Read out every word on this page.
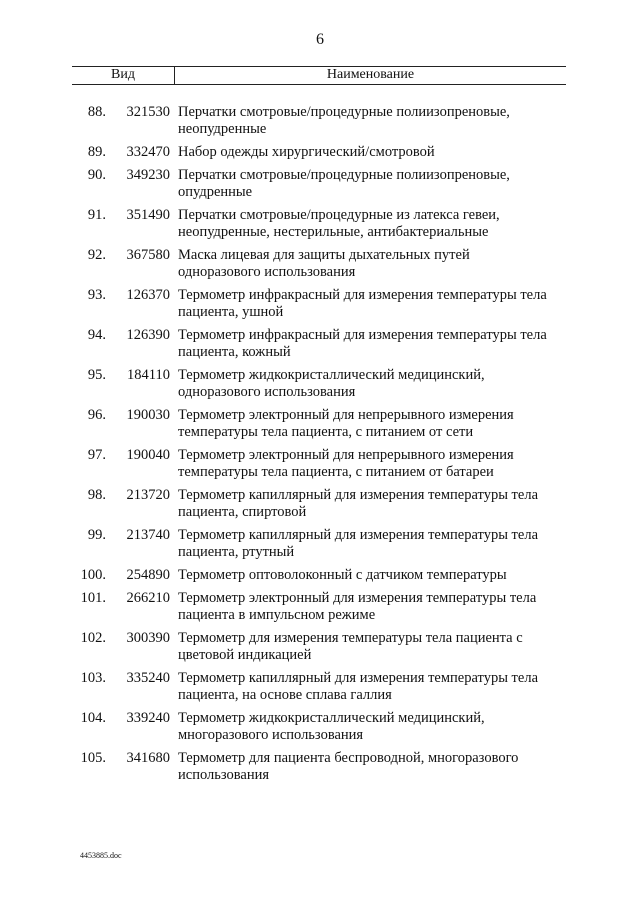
6
Вид	Наименование
88.	321530 Перчатки смотровые/процедурные полиизопреновые,
неопудренные
89.	332470 Набор одежды хирургический/смотровой
90.	349230 Перчатки смотровые/процедурные полиизопреновые,
опудренные
91.	351490 Перчатки смотровые/процедурные из латекса гевеи,
неопудренные, нестерильные, антибактериальные
92.	367580 Маска лицевая для защиты дыхательных путей
одноразового использования
93.	126370 Термометр инфракрасный для измерения температуры тела
пациента, ушной
94.	126390 Термометр инфракрасный для измерения температуры тела
пациента, кожный
95.	184110 Термометр жидкокристаллический медицинский,
одноразового использования
96.	190030 Термометр электронный для непрерывного измерения
температуры тела пациента, с питанием от сети
97.	190040 Термометр электронный для непрерывного измерения
температуры тела пациента, с питанием от батареи
98.	213720 Термометр капиллярный для измерения температуры тела
пациента, спиртовой
99.	213740 Термометр капиллярный для измерения температуры тела
пациента, ртутный
100.	254890 Термометр оптоволоконный с датчиком температуры
101.	266210 Термометр электронный для измерения температуры тела
пациента в импульсном режиме
102.	300390 Термометр для измерения температуры тела пациента с
цветовой индикацией
103.	335240 Термометр капиллярный для измерения температуры тела
пациента, на основе сплава галлия
104.	339240 Термометр жидкокристаллический медицинский,
многоразового использования
105.	341680 Термометр для пациента беспроводной, многоразового
использования
4453885.doc
